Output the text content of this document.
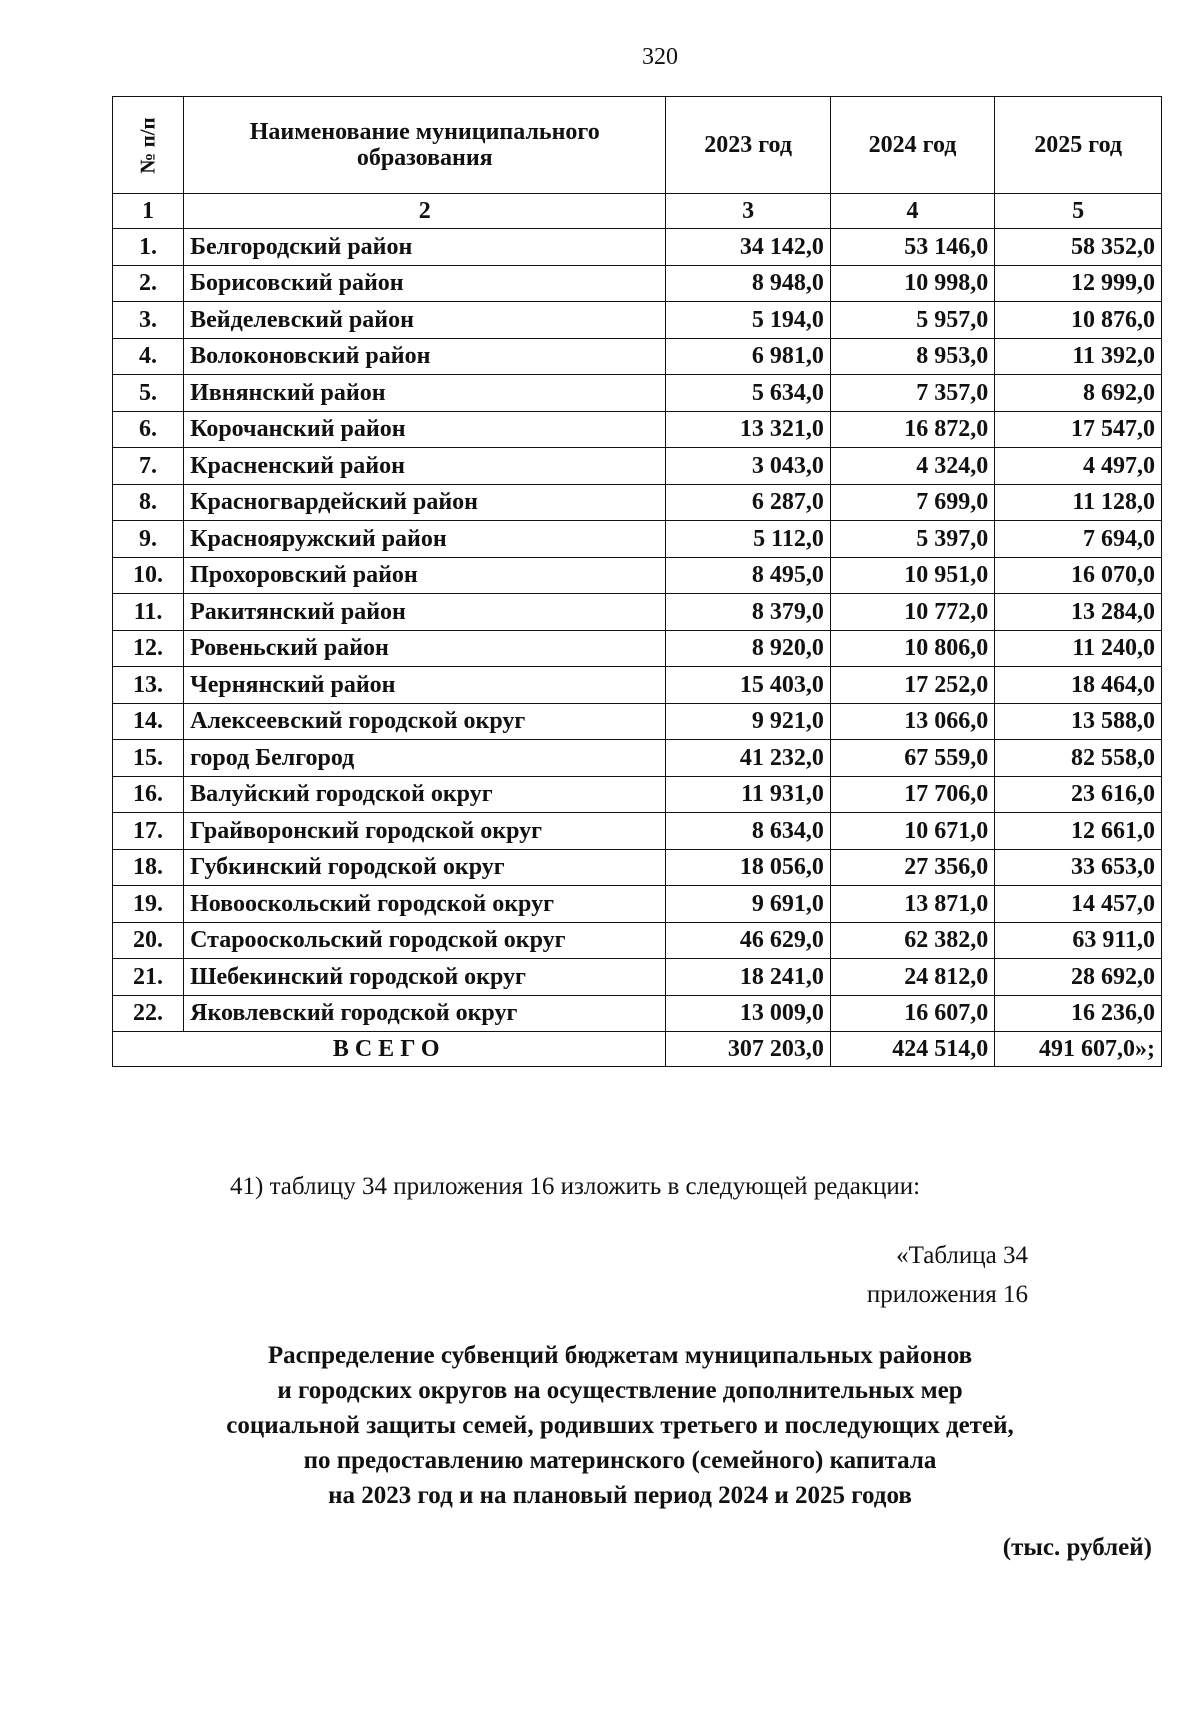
320
№ п/п	Наименование муниципального образования	2023 год	2024 год	2025 год
1	2	3	4	5
1.	Белгородский район	34 142,0	53 146,0	58 352,0
2.	Борисовский район	8 948,0	10 998,0	12 999,0
3.	Вейделевский район	5 194,0	5 957,0	10 876,0
4.	Волоконовский район	6 981,0	8 953,0	11 392,0
5.	Ивнянский район	5 634,0	7 357,0	8 692,0
6.	Корочанский район	13 321,0	16 872,0	17 547,0
7.	Красненский район	3 043,0	4 324,0	4 497,0
8.	Красногвардейский район	6 287,0	7 699,0	11 128,0
9.	Краснояружский район	5 112,0	5 397,0	7 694,0
10.	Прохоровский район	8 495,0	10 951,0	16 070,0
11.	Ракитянский район	8 379,0	10 772,0	13 284,0
12.	Ровеньский район	8 920,0	10 806,0	11 240,0
13.	Чернянский район	15 403,0	17 252,0	18 464,0
14.	Алексеевский городской округ	9 921,0	13 066,0	13 588,0
15.	город Белгород	41 232,0	67 559,0	82 558,0
16.	Валуйский городской округ	11 931,0	17 706,0	23 616,0
17.	Грайворонский городской округ	8 634,0	10 671,0	12 661,0
18.	Губкинский городской округ	18 056,0	27 356,0	33 653,0
19.	Новооскольский городской округ	9 691,0	13 871,0	14 457,0
20.	Старооскольский городской округ	46 629,0	62 382,0	63 911,0
21.	Шебекинский городской округ	18 241,0	24 812,0	28 692,0
22.	Яковлевский городской округ	13 009,0	16 607,0	16 236,0
ВСЕГО		307 203,0	424 514,0	491 607,0»;
41) таблицу 34 приложения 16 изложить в следующей редакции:
«Таблица 34
приложения 16
Распределение субвенций бюджетам муниципальных районов
и городских округов на осуществление дополнительных мер
социальной защиты семей, родивших третьего и последующих детей,
по предоставлению материнского (семейного) капитала
на 2023 год и на плановый период 2024 и 2025 годов
(тыс. рублей)
